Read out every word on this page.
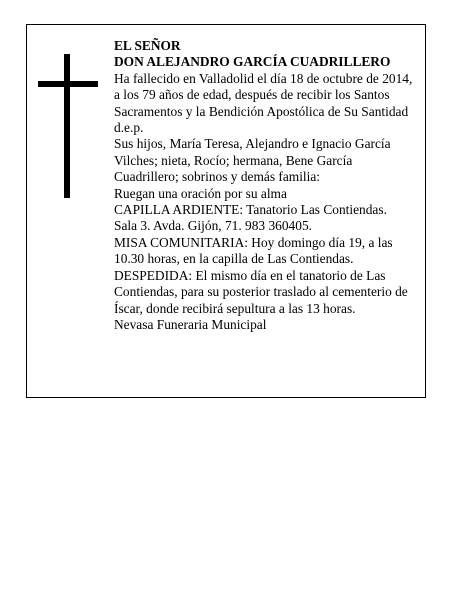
EL SEÑOR
DON ALEJANDRO GARCÍA CUADRILLERO
Ha fallecido en Valladolid el día 18 de octubre de 2014,
a los 79 años de edad, después de recibir los Santos
Sacramentos y la Bendición Apostólica de Su Santidad
d.e.p.
Sus hijos, María Teresa, Alejandro e Ignacio García
Vilches; nieta, Rocío; hermana, Bene García
Cuadrillero; sobrinos y demás familia:
Ruegan una oración por su alma
CAPILLA ARDIENTE: Tanatorio Las Contiendas.
Sala 3. Avda. Gijón, 71. 983 360405.
MISA COMUNITARIA: Hoy domingo día 19, a las
10.30 horas, en la capilla de Las Contiendas.
DESPEDIDA: El mismo día en el tanatorio de Las
Contiendas, para su posterior traslado al cementerio de
Íscar, donde recibirá sepultura a las 13 horas.
Nevasa Funeraria Municipal
